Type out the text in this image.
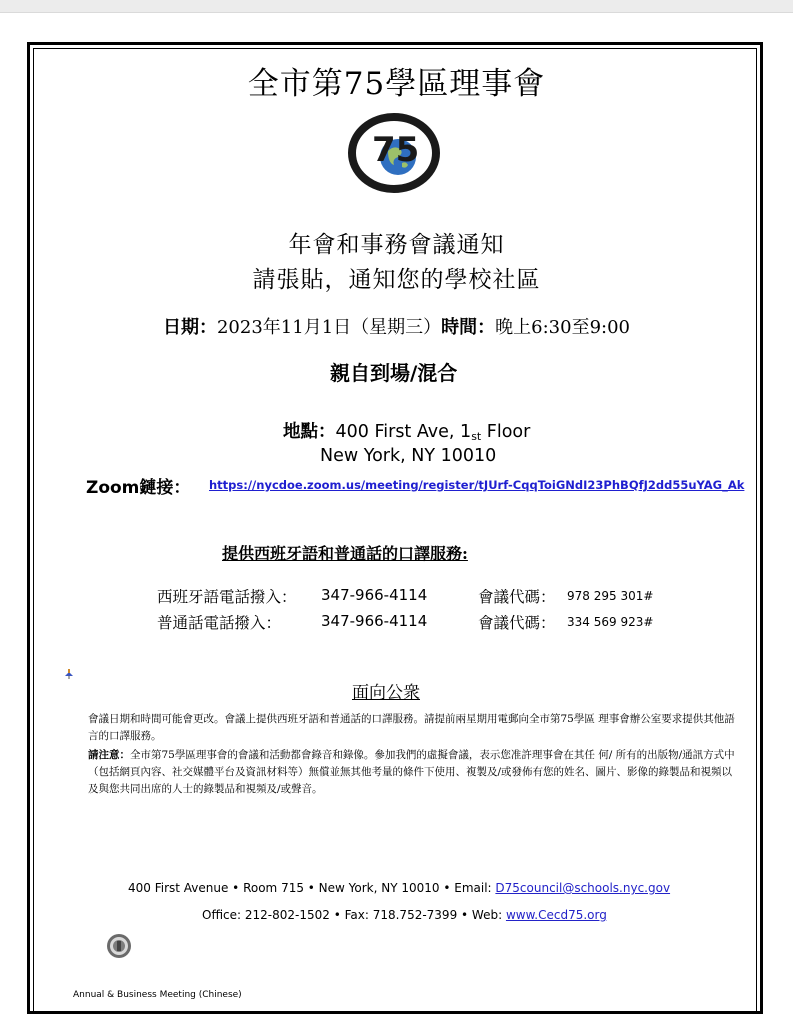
全市第75學區理事會
75
年會和事務會議通知
請張貼，通知您的學校社區
日期：2023年11月1日（星期三）時間：晚上6:30至9:00
親自到場/混合
地點：400 First Ave, 1st Floor
New York, NY 10010
Zoom鏈接： https://nycdoe.zoom.us/meeting/register/tJUrf-CqqToiGNdI23PhBQfJ2dd55uYAG_Ak
提供西班牙語和普通話的口譯服務:
西班牙語電話撥入： 347-966-4114	會議代碼： 978 295 301#
普通話電話撥入：	347-966-4114	會議代碼： 334 569 923#
面向公衆
會議日期和時間可能會更改。會議上提供西班牙語和普通話的口譯服務。請提前兩星期用電郵向全市第75學區 理事會辦公室要求提供其他語言的口譯服務。
請注意：全市第75學區理事會的會議和活動都會錄音和錄像。參加我們的虛擬會議，表示您准許理事會在其任 何/ 所有的出版物/通訊方式中（包括網頁內容、社交媒體平台及資訊材料等）無償並無其他考量的條件下使用、複製及/或發佈有您的姓名、圖片、影像的錄製品和視頻以及與您共同出席的人士的錄製品和視頻及/或聲音。
400 First Avenue • Room 715 • New York, NY 10010 • Email: D75council@schools.nyc.gov
Office: 212-802-1502 • Fax: 718.752-7399 • Web: www.Cecd75.org
Annual & Business Meeting (Chinese)
